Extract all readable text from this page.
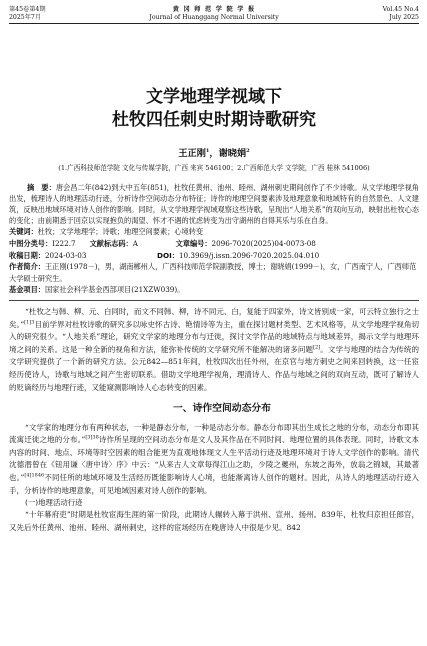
第45卷第4期
2025年7月
黄 冈 师 范 学 院 学 报
Journal of Huanggang Normal University
Vol.45 No.4
July 2025
文学地理学视域下
杜牧四任刺史时期诗歌研究
王正刚$^1$，谢晓娟$^2$
(1.广西科技师范学院 文化与传媒学院，广西 来宾 546100；2.广西师范大学 文学院，广西 桂林 541006)
摘　要：唐会昌二年(842)到大中五年(851)，杜牧任黄州、池州、睦州、湖州刺史期间创作了不少诗歌。从文学地理学视角出发，梳理诗人的地理活动行迹，分析诗作空间动态分布特征；诗作的地理空间要素涉及地理意象和地域特有的自然景色、人文建筑，反映出地域环境对诗人创作的影响。同时，从文学地理学视域观察这些诗歌，呈现出“人地关系”的双向互动，映射出杜牧心态的变化；由前期悉于回京以实现抱负的渴望、怀才不遇的忧虑转变为出守湖州的自得其乐与乐在自身。
关键词：杜牧；文学地理学；诗歌；地理空间要素；心境转变
中图分类号：I222.7 文献标志码：A	文章编号：2096-7020(2025)04-0073-08
收稿日期：2024-03-03	DOI：10.3969/j.issn.2096-7020.2025.04.010
作者简介：王正刚(1978－)，男，湖南郴州人，广西科技师范学院副教授，博士；谢晓娟(1999－)，女，广西南宁人，广西师范大学硕士研究生。
基金项目：国家社会科学基金西部项目(21XZW039)。

“杜牧之与韩、柳、元、白同时，而文不同韩、柳，诗不同元、白，复能于四家外，诗文皆别成一家，可云特立独行之士矣。”$^{[1]3}$目前学界对杜牧诗歌的研究多以咏史怀古诗、艳情诗等为主，重在探讨题材类型、艺术风格等，从文学地理学视角切入的研究很少。“人地关系”理论，研究文学家的地理分布与迁徙，探讨文学作品的地域特点与地域差异，揭示文学与地理环境之间的关系。这是一种全新的视角和方法，能弥补传统的文学研究所不能解决的诸多问题[2]。文学与地理的结合为传统的文学研究提供了一个新的研究方法。公元842—851年间，杜牧四次出任外州，在京官与地方刺史之间来回转换，这一任宦经历使诗人，诗歌与地域之间产生密切联系。借助文学地理学视角，理清诗人、作品与地域之间的双向互动，既可了解诗人的贬谪经历与地理行迹，又能窥测影响诗人心态转变的因素。

一、诗作空间动态分布

“文学家的地理分布有两种状态，一种是静态分布，一种是动态分布。静态分布即其出生成长之地的分布，动态分布即其流寓迁徙之地的分布。”$^{[3]38}$诗作所呈现的空间动态分布是文人及其作品在不同时间、地理位置的具体表现。同时，诗歌文本内容的时间、地点、环境等时空因素的组合能更为直观地体现文人生平活动行迹及地理环境对于诗人文学创作的影响。清代沈德潜曾在《钮用谦〈唐中诗〉序》中云：“从来古人文章每得江山之助，少陵之夔州，东坡之海外，放翁之锦城，其最著也。”$^{[4]1846}$不同任所的地域环境及生活经历既能影响诗人心境，也能渐离诗人创作的题材。因此，从诗人的地理活动行迹入手，分析诗作的地理意象，可见地域因素对诗人创作的影响。

(一)地理活动行迹

“十年幕府吏”时期是杜牧宦海生涯的第一阶段，此期诗人辗转入幕于洪州、宣州、扬州。839年，杜牧归京担任郎官，又先后外任黄州、池州、睦州、湖州刺史，这样的宦场经历在晚唐诗人中很是少见。842
